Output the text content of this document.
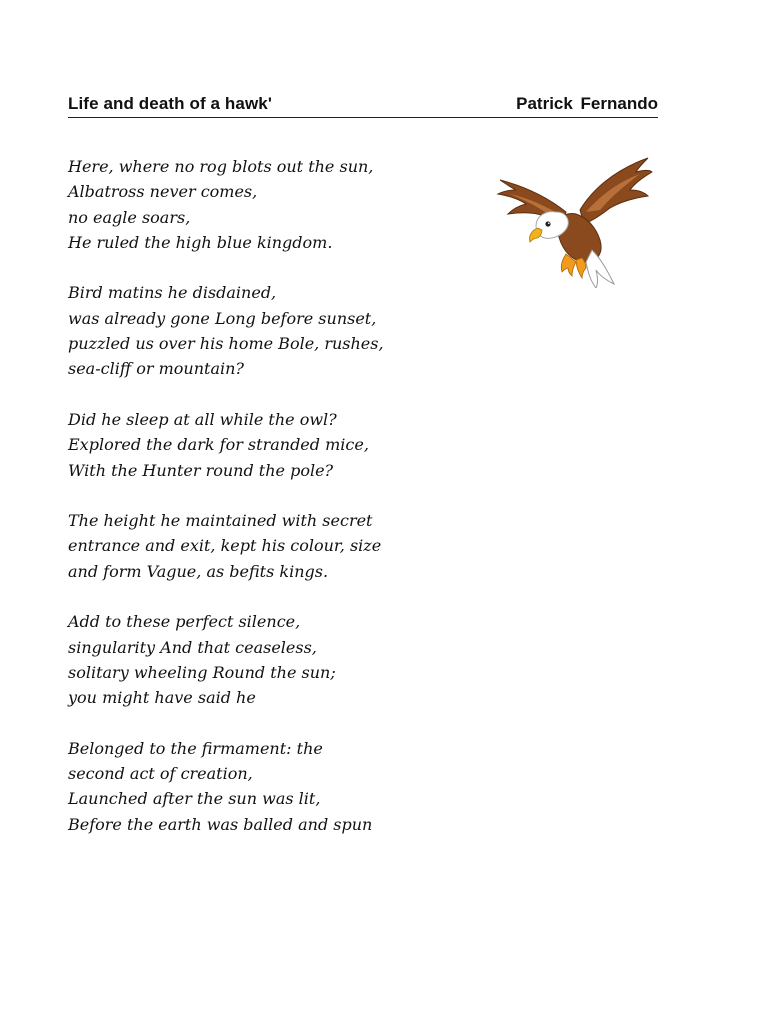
Life and death of a hawk'	Patrick Fernando

Here, where no rog blots out the sun,
Albatross never comes,
no eagle soars,
He ruled the high blue kingdom.

Bird matins he disdained,
was already gone Long before sunset,
puzzled us over his home Bole, rushes,
sea-cliff or mountain?

Did he sleep at all while the owl?
Explored the dark for stranded mice,
With the Hunter round the pole?

The height he maintained with secret
entrance and exit, kept his colour, size
and form Vague, as befits kings.

Add to these perfect silence,
singularity And that ceaseless,
solitary wheeling Round the sun;
you might have said he

Belonged to the firmament: the
second act of creation,
Launched after the sun was lit,
Before the earth was balled and spun
